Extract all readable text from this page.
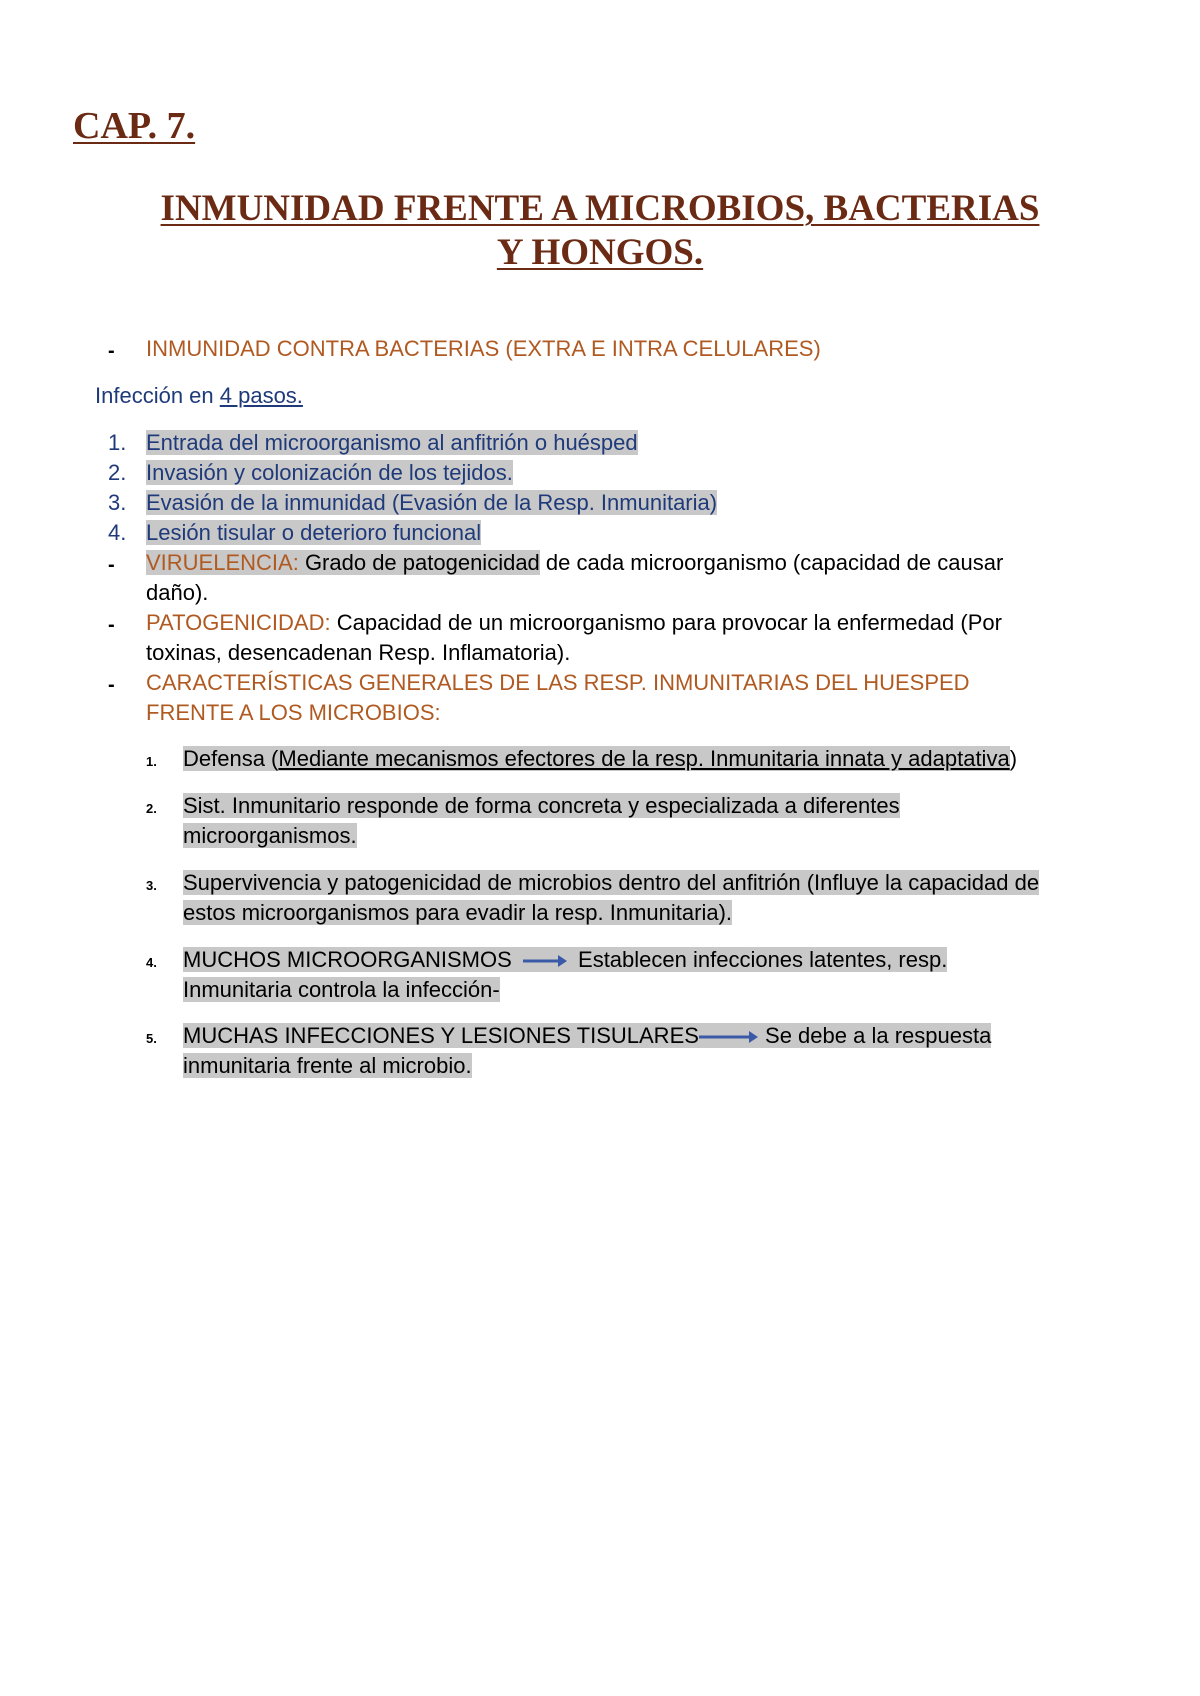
CAP. 7.
INMUNIDAD FRENTE A MICROBIOS, BACTERIAS
Y HONGOS.
- INMUNIDAD CONTRA BACTERIAS (EXTRA E INTRA CELULARES)
Infección en 4 pasos.
1. Entrada del microorganismo al anfitrión o huésped
2. Invasión y colonización de los tejidos.
3. Evasión de la inmunidad (Evasión de la Resp. Inmunitaria)
4. Lesión tisular o deterioro funcional
- VIRUELENCIA: Grado de patogenicidad de cada microorganismo (capacidad de causar
daño).
- PATOGENICIDAD: Capacidad de un microorganismo para provocar la enfermedad (Por
toxinas, desencadenan Resp. Inflamatoria).
- CARACTERÍSTICAS GENERALES DE LAS RESP. INMUNITARIAS DEL HUESPED
FRENTE A LOS MICROBIOS:
1. Defensa (Mediante mecanismos efectores de la resp. Inmunitaria innata y adaptativa)
2. Sist. Inmunitario responde de forma concreta y especializada a diferentes
microorganismos.
3. Supervivencia y patogenicidad de microbios dentro del anfitrión (Influye la capacidad de
estos microorganismos para evadir la resp. Inmunitaria).
4. MUCHOS MICROORGANISMOS  Establecen infecciones latentes, resp.
Inmunitaria controla la infección-
5. MUCHAS INFECCIONES Y LESIONES TISULARES	Se debe a la respuesta
inmunitaria frente al microbio.
